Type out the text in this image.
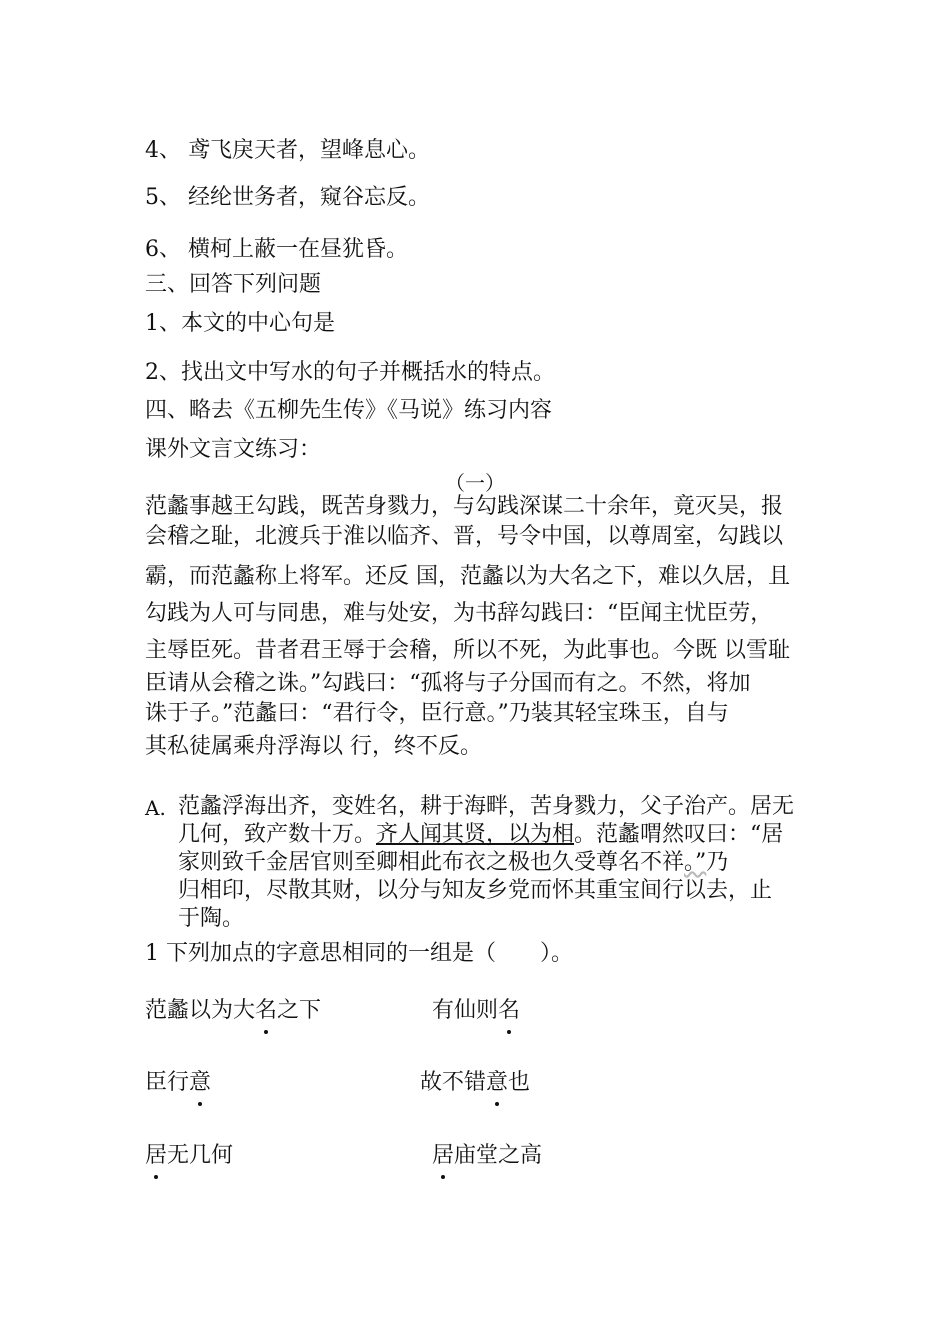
4、 鸢飞戾天者，望峰息心。
5、 经纶世务者，窥谷忘反。
6、 横柯上蔽一在昼犹昏。
三、回答下列问题
1、本文的中心句是
2、找出文中写水的句子并概括水的特点。
四、略去《五柳先生传》《马说》练习内容
课外文言文练习：
（一）
范蠡事越王勾践，既苦身戮力，与勾践深谋二十余年，竟灭吴，报
会稽之耻，北渡兵于淮以临齐、晋，号令中国，以尊周室，勾践以
霸，而范蠡称上将军。还反 国，范蠡以为大名之下，难以久居，且
勾践为人可与同患，难与处安，为书辞勾践曰：“臣闻主忧臣劳，
主辱臣死。昔者君王辱于会稽，所以不死，为此事也。今既 以雪耻
臣请从会稽之诛。”勾践曰：“孤将与子分国而有之。不然，将加
诛于子。”范蠡曰：“君行令，臣行意。”乃装其轻宝珠玉，自与
其私徒属乘舟浮海以 行，终不反。
A. 范蠡浮海出齐，变姓名，耕于海畔，苦身戮力，父子治产。居无
几何，致产数十万。齐人闻其贤，以为相。范蠡喟然叹曰：“居
家则致千金居官则至卿相此布衣之极也久受尊名不祥。”乃
归相印，尽散其财，以分与知友乡党而怀其重宝间行以去，止
于陶。
1 下列加点的字意思相同的一组是（　　）。
范蠡以为大名之下	有仙则名
臣行意	故不错意也
居无几何	居庙堂之高
